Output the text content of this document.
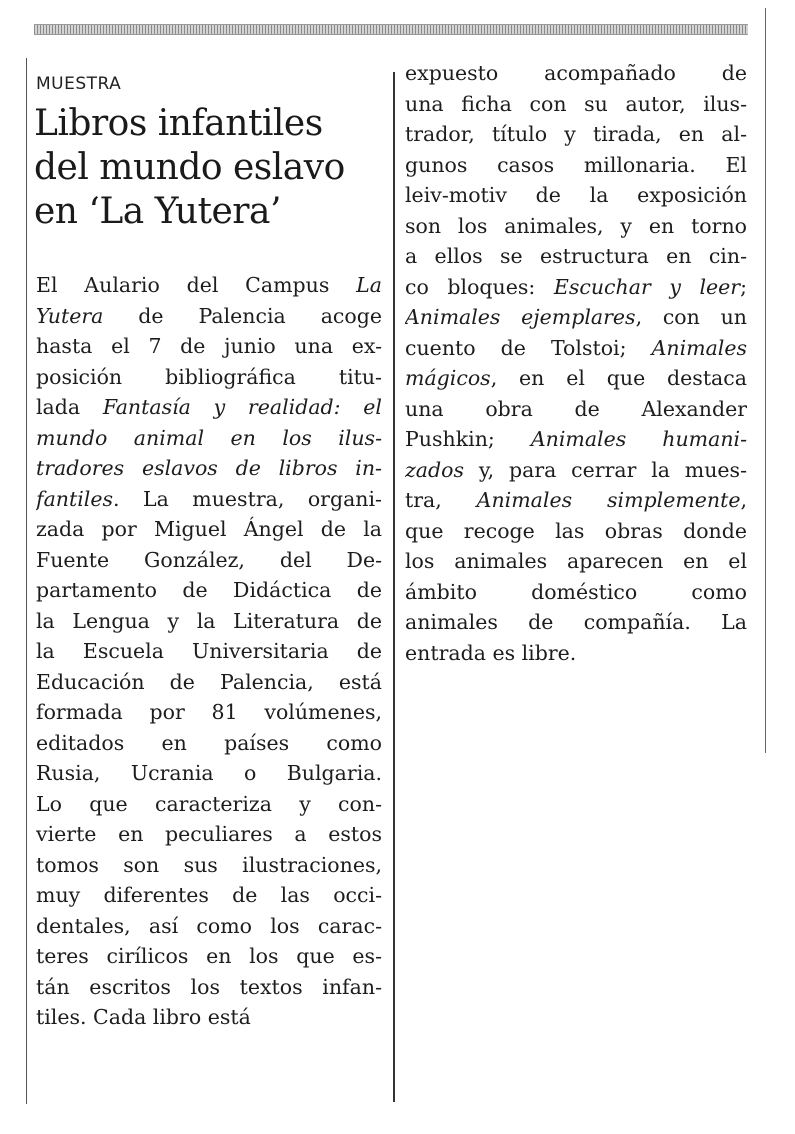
MUESTRA
Libros infantiles
del mundo eslavo
en ‘La Yutera’
El Aulario del Campus La
Yutera de Palencia acoge
hasta el 7 de junio una ex-
posición bibliográfica titu-
lada Fantasía y realidad: el
mundo animal en los ilus-
tradores eslavos de libros in-
fantiles. La muestra, organi-
zada por Miguel Ángel de la
Fuente González, del De-
partamento de Didáctica de
la Lengua y la Literatura de
la Escuela Universitaria de
Educación de Palencia, está
formada por 81 volúmenes,
editados en países como
Rusia, Ucrania o Bulgaria.
Lo que caracteriza y con-
vierte en peculiares a estos
tomos son sus ilustraciones,
muy diferentes de las occi-
dentales, así como los carac-
teres cirílicos en los que es-
tán escritos los textos infan-
tiles. Cada libro está
expuesto acompañado de
una ficha con su autor, ilus-
trador, título y tirada, en al-
gunos casos millonaria. El
leiv-motiv de la exposición
son los animales, y en torno
a ellos se estructura en cin-
co bloques: Escuchar y leer;
Animales ejemplares, con un
cuento de Tolstoi; Animales
mágicos, en el que destaca
una obra de Alexander
Pushkin; Animales humani-
zados y, para cerrar la mues-
tra, Animales simplemente,
que recoge las obras donde
los animales aparecen en el
ámbito doméstico como
animales de compañía. La
entrada es libre.
